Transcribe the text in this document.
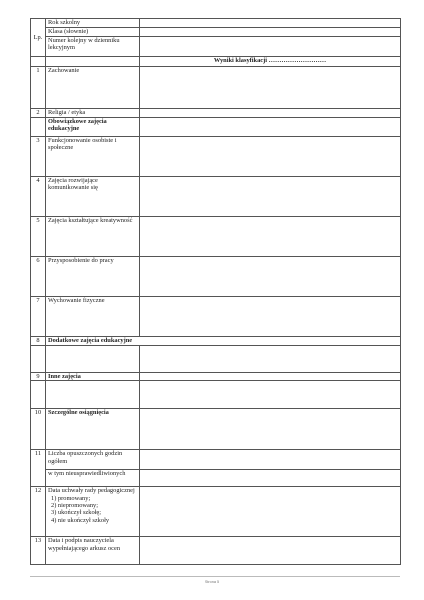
Lp.	Rok szkolny	
	Klasa (słownie)	
	Numer kolejny w dzienniku lekcyjnym	
		Wyniki klasyfikacji ………………………
1	Zachowanie	
2	Religia / etyka	
	Obowiązkowe zajęcia edukacyjne	
3	Funkcjonowanie osobiste i społeczne	
4	Zajęcia rozwijające komunikowanie się	
5	Zajęcia kształtujące kreatywność	
6	Przysposobienie do pracy	
7	Wychowanie fizyczne	
8	Dodatkowe zajęcia edukacyjne	

9	Inne zajęcia	

10	Szczególne osiągnięcia	
11	Liczba opuszczonych godzin ogółem	
	w tym nieusprawiedliwionych	
12	Data uchwały rady pedagogicznej
1) promowany;
2) niepromowany;
3) ukończył szkołę;
4) nie ukończył szkoły	

13	Data i podpis nauczyciela wypełniającego arkusz ocen	
Strona 5
